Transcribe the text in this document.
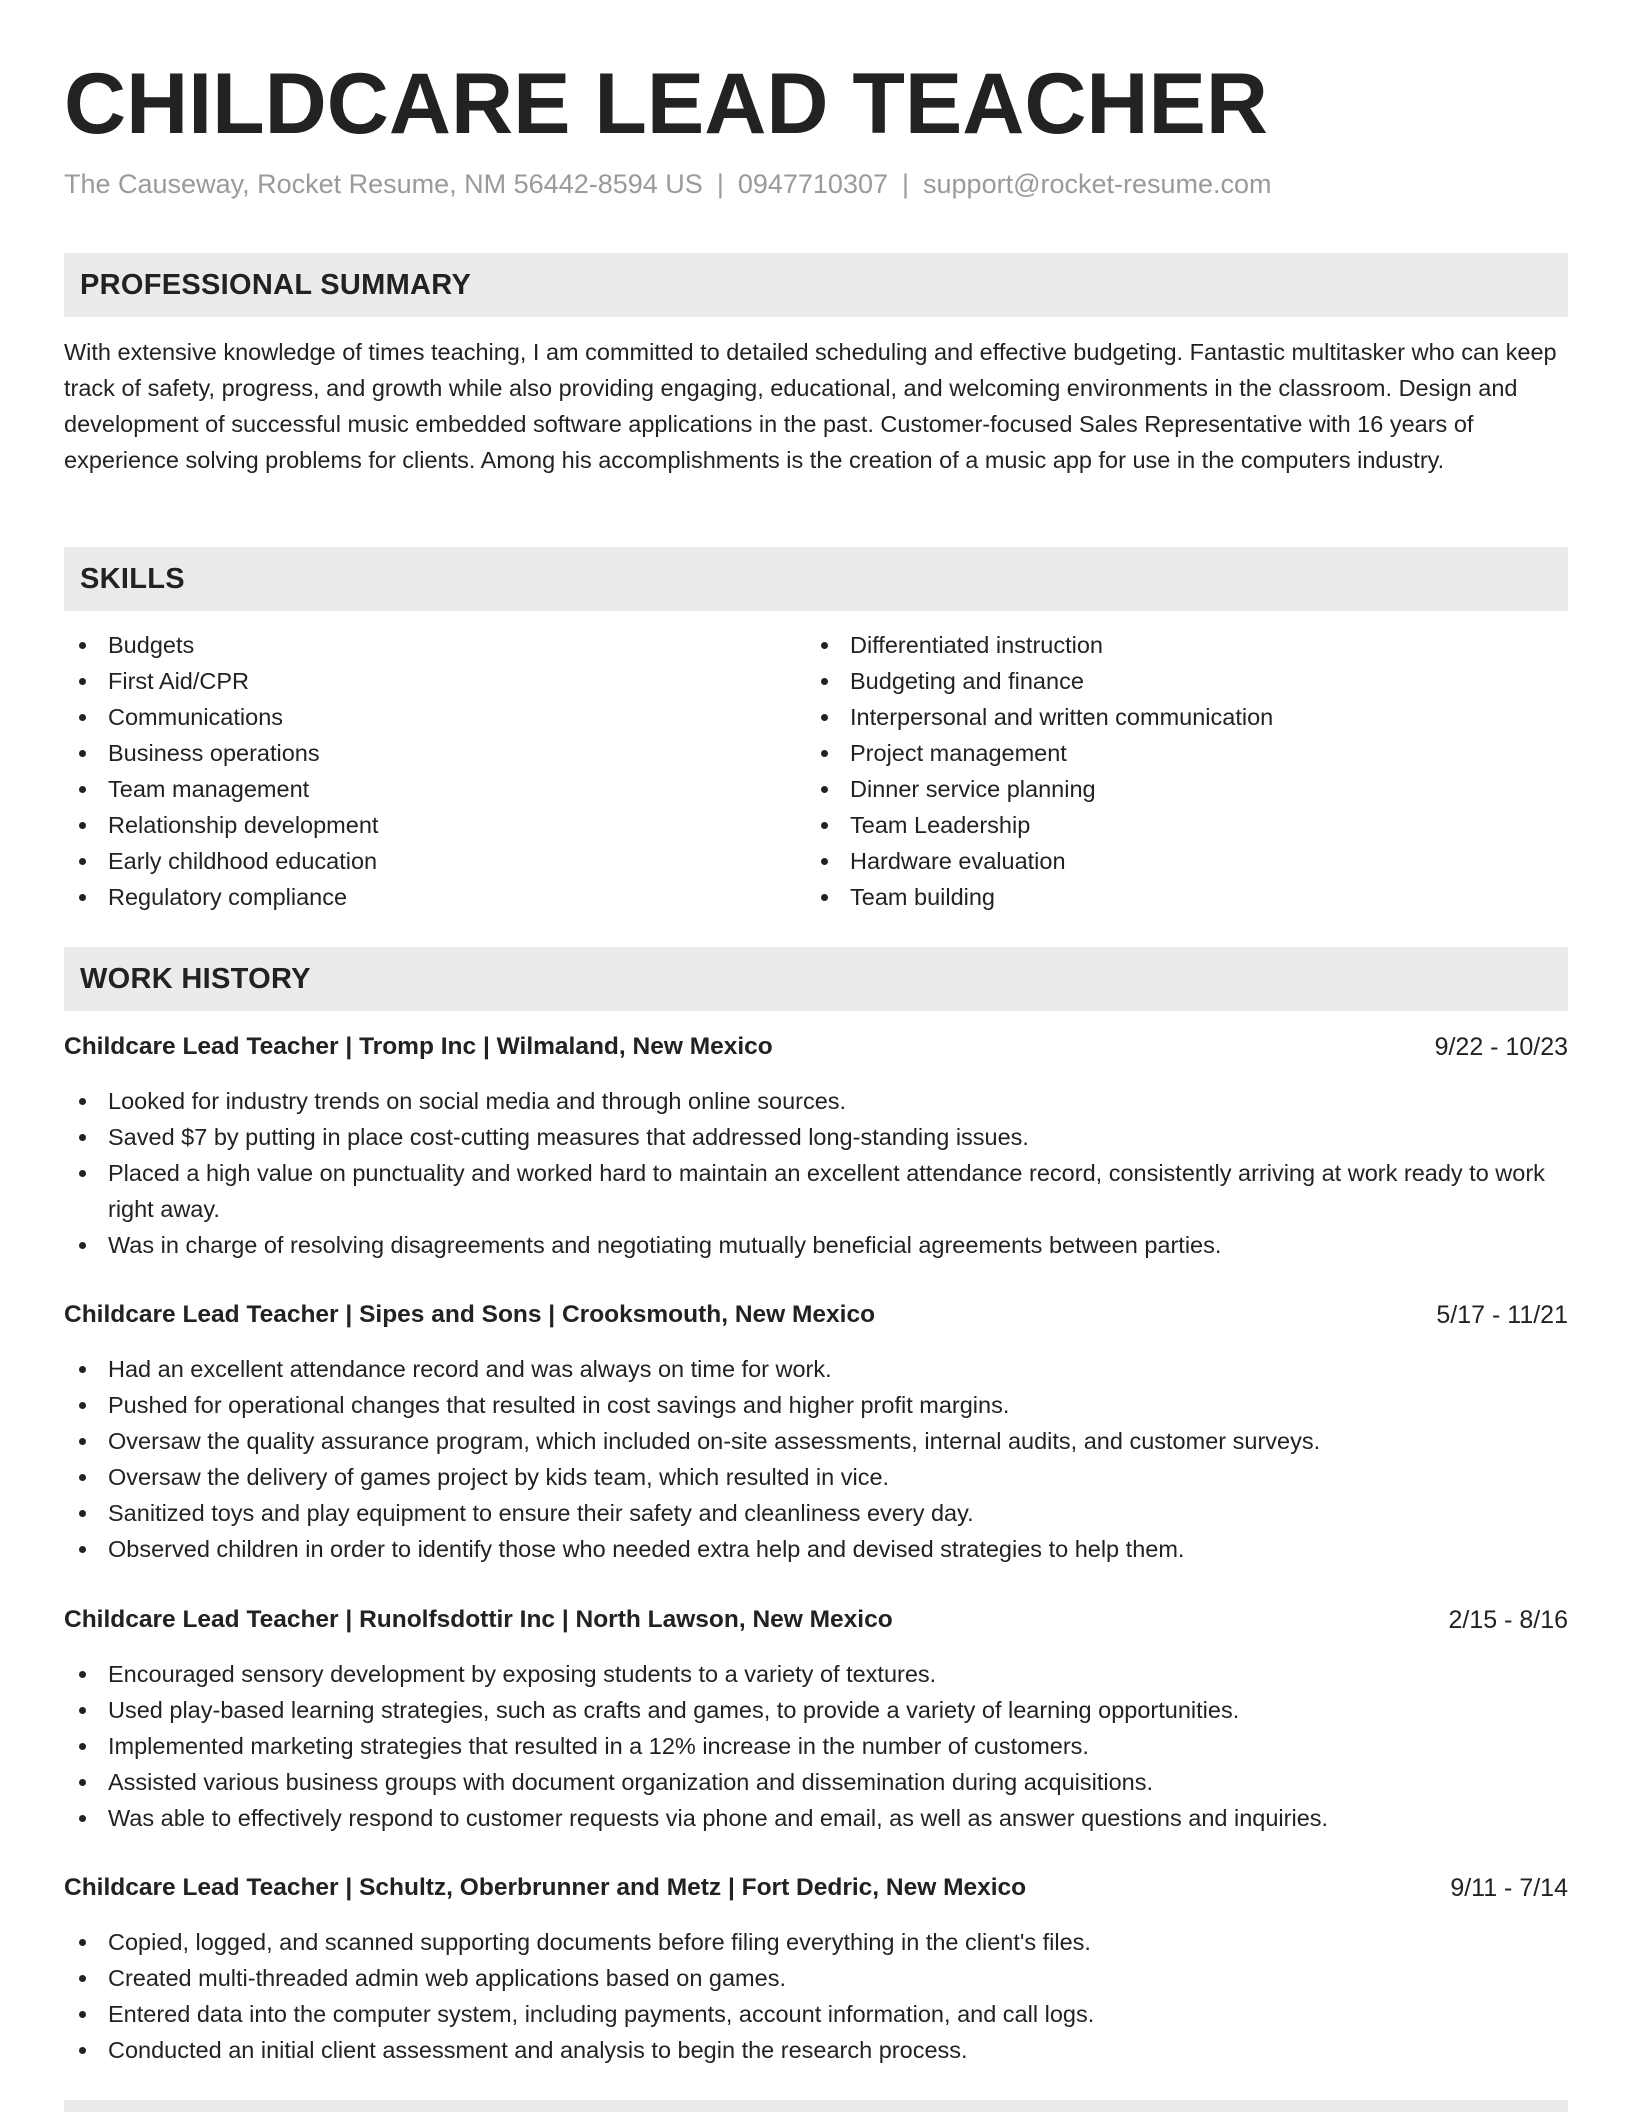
CHILDCARE LEAD TEACHER
The Causeway, Rocket Resume, NM 56442-8594 US | 0947710307 | support@rocket-resume.com
PROFESSIONAL SUMMARY

With extensive knowledge of times teaching, I am committed to detailed scheduling and effective budgeting. Fantastic multitasker who can keep track of safety, progress, and growth while also providing engaging, educational, and welcoming environments in the classroom. Design and development of successful music embedded software applications in the past. Customer-focused Sales Representative with 16 years of experience solving problems for clients. Among his accomplishments is the creation of a music app for use in the computers industry.

SKILLS
Budgets
First Aid/CPR
Communications
Business operations
Team management
Relationship development
Early childhood education
Regulatory compliance
Differentiated instruction
Budgeting and finance
Interpersonal and written communication
Project management
Dinner service planning
Team Leadership
Hardware evaluation
Team building
WORK HISTORY
Childcare Lead Teacher | Tromp Inc | Wilmaland, New Mexico	9/22 - 10/23
Looked for industry trends on social media and through online sources.
Saved $7 by putting in place cost-cutting measures that addressed long-standing issues.
Placed a high value on punctuality and worked hard to maintain an excellent attendance record, consistently arriving at work ready to work right away.
Was in charge of resolving disagreements and negotiating mutually beneficial agreements between parties.
Childcare Lead Teacher | Sipes and Sons | Crooksmouth, New Mexico	5/17 - 11/21
Had an excellent attendance record and was always on time for work.
Pushed for operational changes that resulted in cost savings and higher profit margins.
Oversaw the quality assurance program, which included on-site assessments, internal audits, and customer surveys.
Oversaw the delivery of games project by kids team, which resulted in vice.
Sanitized toys and play equipment to ensure their safety and cleanliness every day.
Observed children in order to identify those who needed extra help and devised strategies to help them.
Childcare Lead Teacher | Runolfsdottir Inc | North Lawson, New Mexico	2/15 - 8/16
Encouraged sensory development by exposing students to a variety of textures.
Used play-based learning strategies, such as crafts and games, to provide a variety of learning opportunities.
Implemented marketing strategies that resulted in a 12% increase in the number of customers.
Assisted various business groups with document organization and dissemination during acquisitions.
Was able to effectively respond to customer requests via phone and email, as well as answer questions and inquiries.
Childcare Lead Teacher | Schultz, Oberbrunner and Metz | Fort Dedric, New Mexico	9/11 - 7/14
Copied, logged, and scanned supporting documents before filing everything in the client's files.
Created multi-threaded admin web applications based on games.
Entered data into the computer system, including payments, account information, and call logs.
Conducted an initial client assessment and analysis to begin the research process.
